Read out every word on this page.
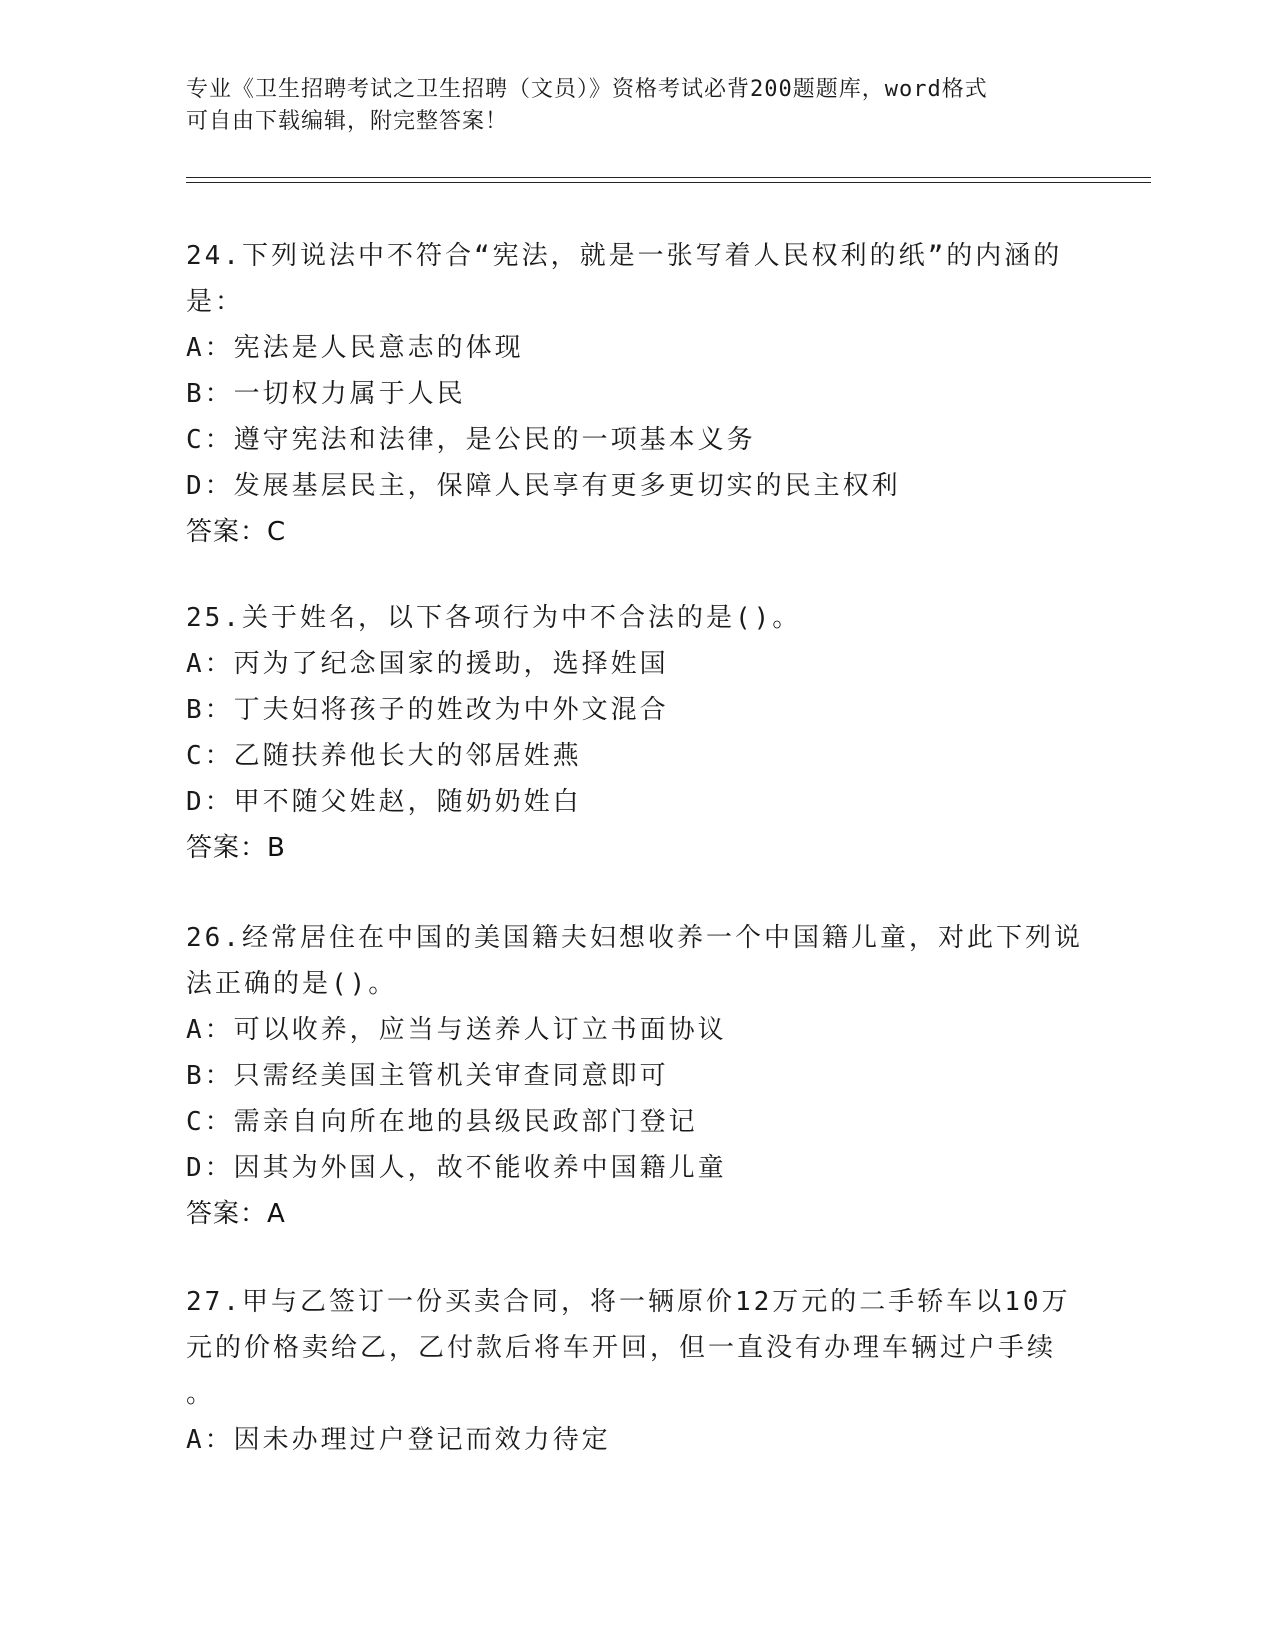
专业《卫生招聘考试之卫生招聘（文员）》资格考试必背200题题库，word格式
可自由下载编辑，附完整答案！
24.下列说法中不符合“宪法，就是一张写着人民权利的纸”的内涵的
是：
A：宪法是人民意志的体现
B：一切权力属于人民
C：遵守宪法和法律，是公民的一项基本义务
D：发展基层民主，保障人民享有更多更切实的民主权利
答案：C
25.关于姓名，以下各项行为中不合法的是()。
A：丙为了纪念国家的援助，选择姓国
B：丁夫妇将孩子的姓改为中外文混合
C：乙随扶养他长大的邻居姓燕
D：甲不随父姓赵，随奶奶姓白
答案：B
26.经常居住在中国的美国籍夫妇想收养一个中国籍儿童，对此下列说
法正确的是()。
A：可以收养，应当与送养人订立书面协议
B：只需经美国主管机关审查同意即可
C：需亲自向所在地的县级民政部门登记
D：因其为外国人，故不能收养中国籍儿童
答案：A
27.甲与乙签订一份买卖合同，将一辆原价12万元的二手轿车以10万
元的价格卖给乙，乙付款后将车开回，但一直没有办理车辆过户手续
。
A：因未办理过户登记而效力待定
